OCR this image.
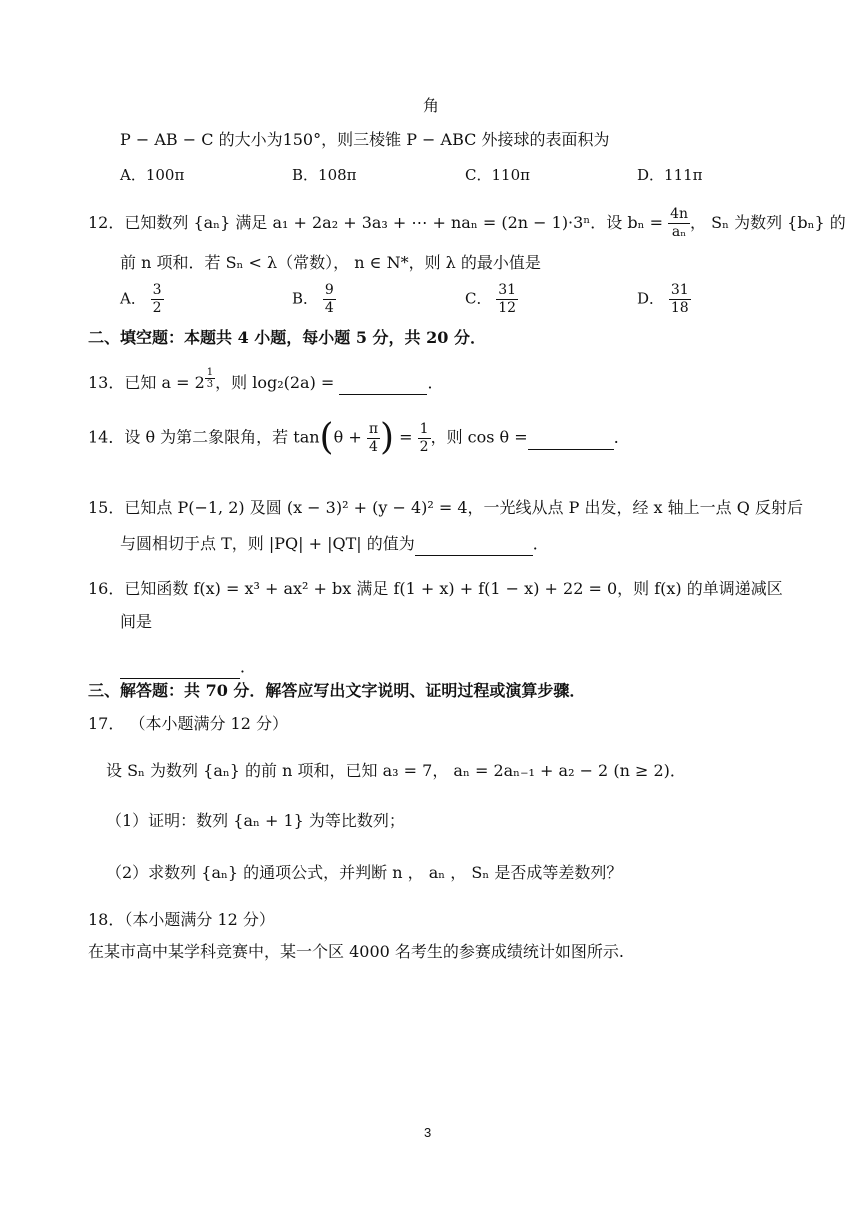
角
P − AB − C 的大小为150°，则三棱锥 P − ABC 外接球的表面积为
A．100π	B．108π	C．110π	D．111π
12．已知数列 {aₙ} 满足 a₁ + 2a₂ + 3a₃ + ⋯ + naₙ = (2n − 1)·3ⁿ．设 $b_n = \frac{4n}{\text{aₙ}}$ ， Sₙ 为数列 {bₙ} 的
前 n 项和．若 Sₙ < λ（常数）， n ∈ N*，则 λ 的最小值是
A． $\frac{3}{2}$	B． $\frac{9}{4}$	C． $\frac{31}{12}$	D． $\frac{31}{18}$
二、填空题：本题共 4 小题，每小题 5 分，共 20 分．
13．已知 a = 2 $^{\frac{1}{3}}$ ，则 log₂(2a) =	．
14．设 θ 为第二象限角，若 $\tan(\theta + \frac{\pi}{4}$ ) = $\frac{1}{2}$ ，则 cos θ =	．
15．已知点 P(−1, 2) 及圆 (x − 3)² + (y − 4)² = 4，一光线从点 P 出发，经 x 轴上一点 Q 反射后
与圆相切于点 T，则 |PQ| + |QT| 的值为	．
16．已知函数 f(x) = x³ + ax² + bx 满足 f(1 + x) + f(1 − x) + 22 = 0，则 f(x) 的单调递减区
间是
．
三、解答题：共 70 分．解答应写出文字说明、证明过程或演算步骤．
17． （本小题满分 12 分）
设 Sₙ 为数列 {aₙ} 的前 n 项和，已知 a₃ = 7， aₙ = 2aₙ₋₁ + a₂ − 2 (n ≥ 2)．
（1）证明：数列 {aₙ + 1} 为等比数列；
（2）求数列 {aₙ} 的通项公式，并判断 n ， aₙ ， Sₙ 是否成等差数列？
18．（本小题满分 12 分）
在某市高中某学科竞赛中，某一个区 4000 名考生的参赛成绩统计如图所示.
3
